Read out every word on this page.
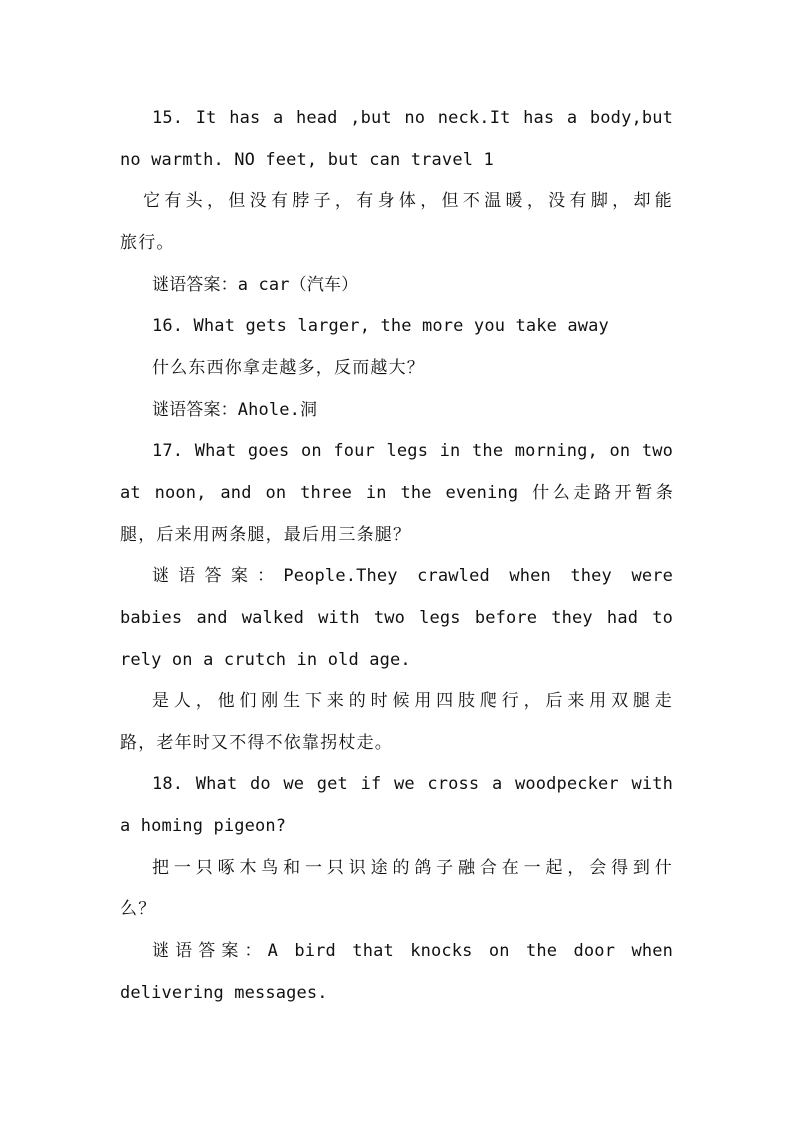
15. It has a head ,but no neck.It has a body,but
no warmth. NO feet, but can travel 1
它有头，但没有脖子，有身体，但不温暖，没有脚，却能
旅行。
谜语答案：a car（汽车）
16. What gets larger, the more you take away
什么东西你拿走越多，反而越大？
谜语答案：Ahole.洞
17. What goes on four legs in the morning, on two
at noon, and on three in the evening 什么走路开暂条
腿，后来用两条腿，最后用三条腿？
谜语答案：People.They crawled when they were
babies and walked with two legs before they had to
rely on a crutch in old age.
是人，他们刚生下来的时候用四肢爬行，后来用双腿走
路，老年时又不得不依靠拐杖走。
18. What do we get if we cross a woodpecker with
a homing pigeon?
把一只啄木鸟和一只识途的鸽子融合在一起，会得到什
么？
谜语答案：A bird that knocks on the door when
delivering messages.
